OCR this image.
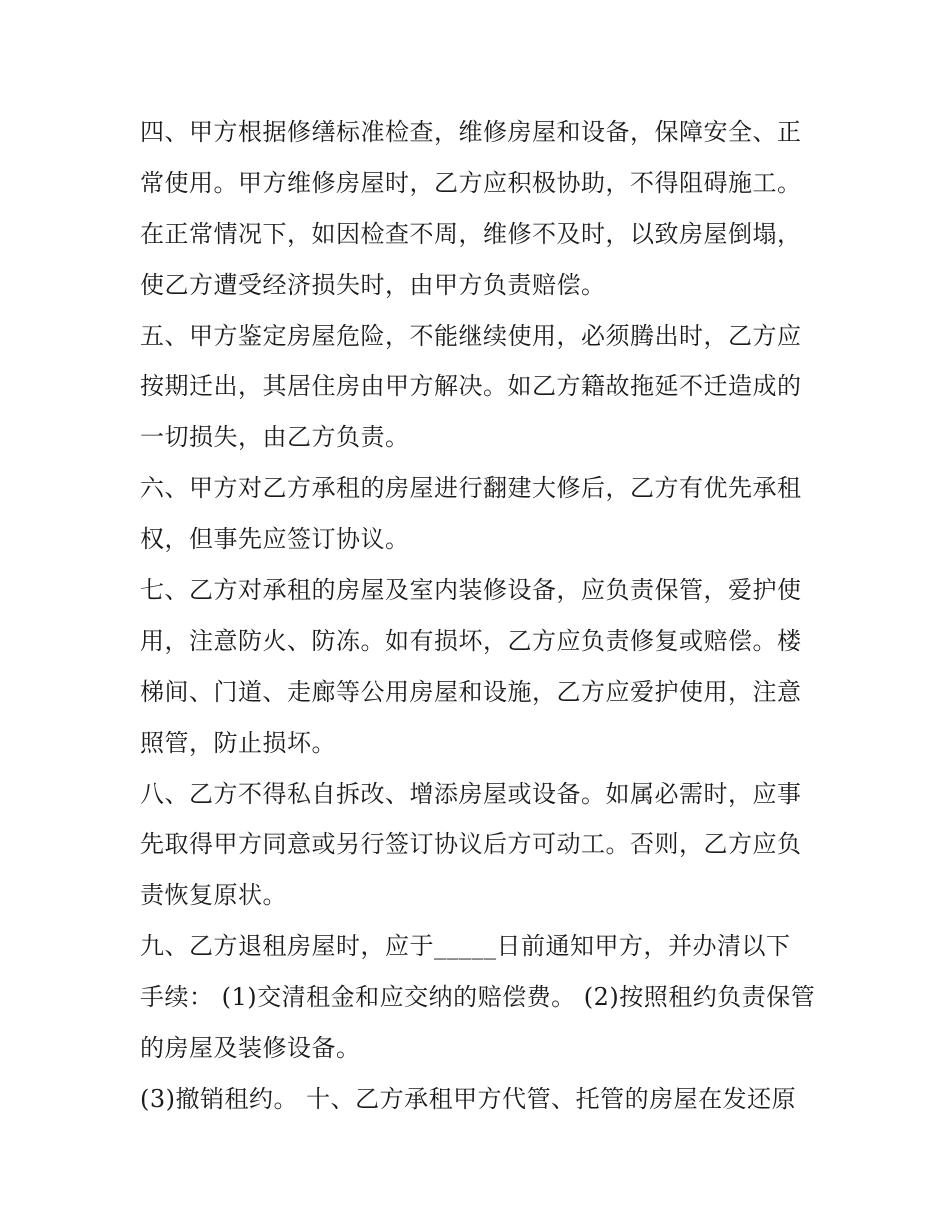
四、甲方根据修缮标准检查，维修房屋和设备，保障安全、正
常使用。甲方维修房屋时，乙方应积极协助，不得阻碍施工。
在正常情况下，如因检查不周，维修不及时，以致房屋倒塌，
使乙方遭受经济损失时，由甲方负责赔偿。
五、甲方鉴定房屋危险，不能继续使用，必须腾出时，乙方应
按期迁出，其居住房由甲方解决。如乙方籍故拖延不迁造成的
一切损失，由乙方负责。
六、甲方对乙方承租的房屋进行翻建大修后，乙方有优先承租
权，但事先应签订协议。
七、乙方对承租的房屋及室内装修设备，应负责保管，爱护使
用，注意防火、防冻。如有损坏，乙方应负责修复或赔偿。楼
梯间、门道、走廊等公用房屋和设施，乙方应爱护使用，注意
照管，防止损坏。
八、乙方不得私自拆改、增添房屋或设备。如属必需时，应事
先取得甲方同意或另行签订协议后方可动工。否则，乙方应负
责恢复原状。
九、乙方退租房屋时，应于_____日前通知甲方，并办清以下
手续： (1)交清租金和应交纳的赔偿费。 (2)按照租约负责保管
的房屋及装修设备。
(3)撤销租约。 十、乙方承租甲方代管、托管的房屋在发还原
